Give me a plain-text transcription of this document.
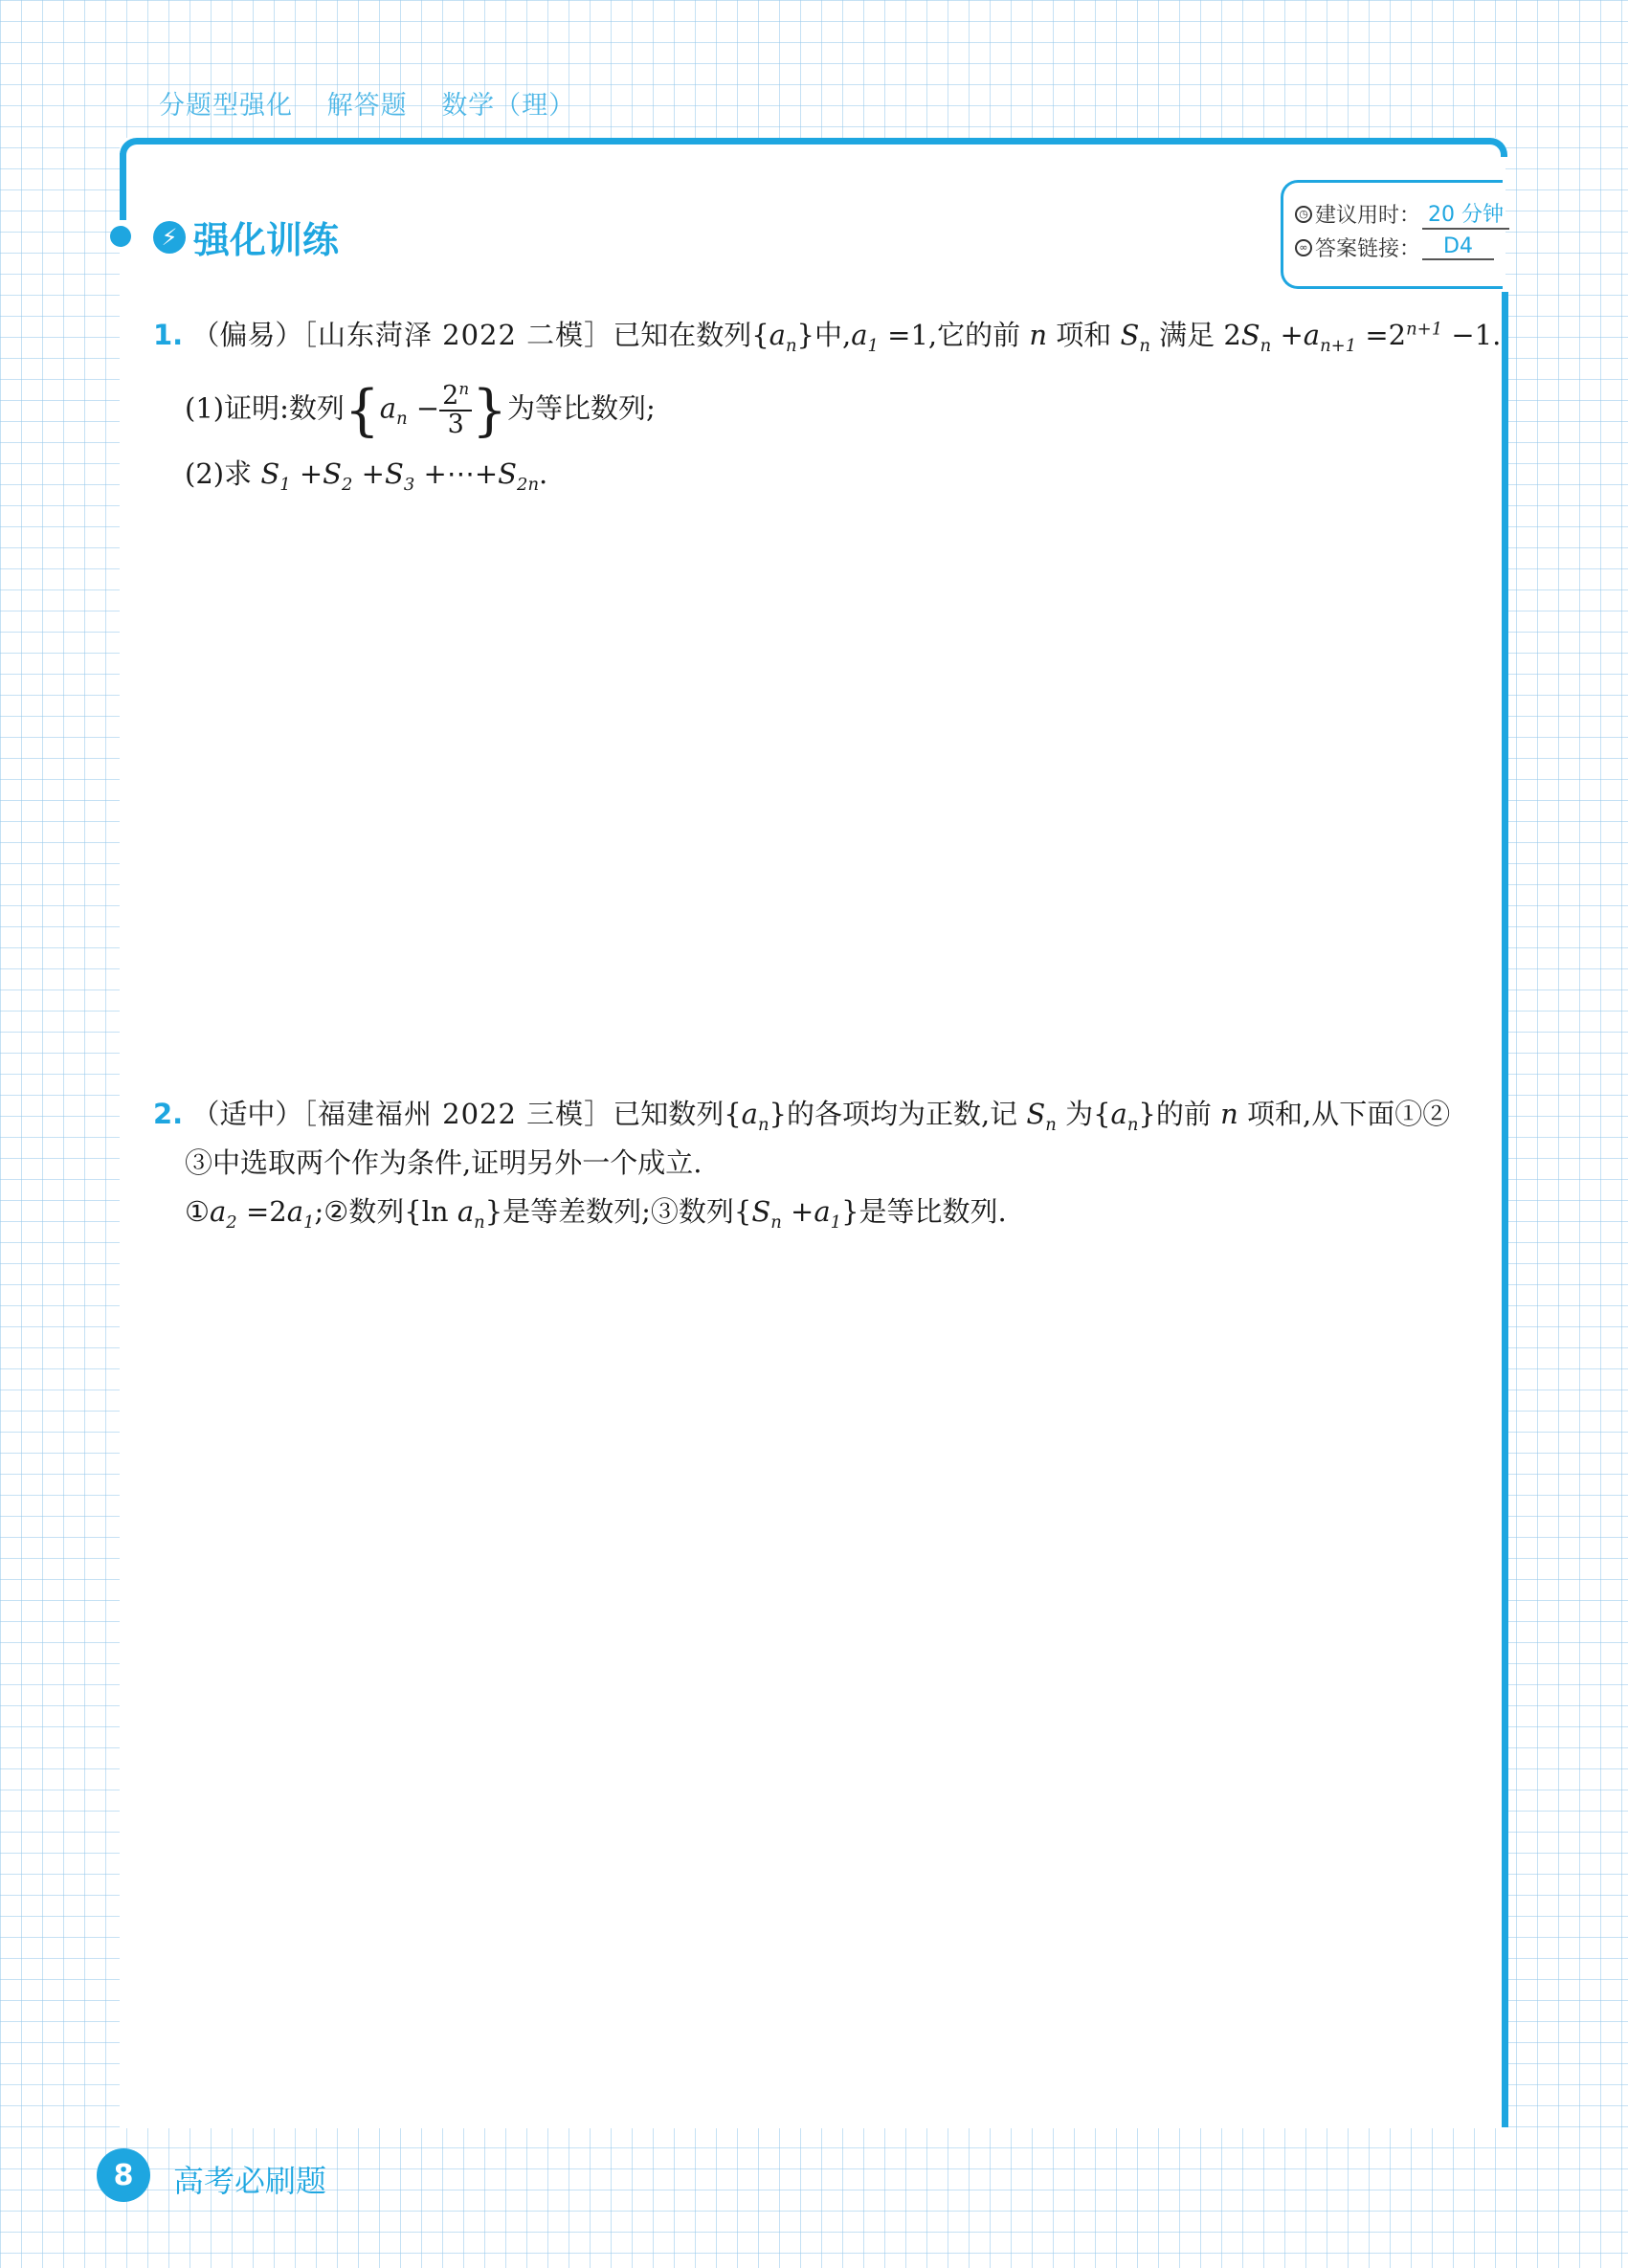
分题型强化 解答题 数学（理）
⚡ 强化训练
◷ 建议用时： 20 分钟
∞ 答案链接：	D4
1. （偏易）［山东菏泽 2022 二模］已知在数列$\{a_n\}$中$,a_1 =1$,它的前 n 项和 $S_n$ 满足 $2S_n +a_{n+1} =2^{n+1} -1$.
(1)证明:数列{$a_n - \frac{2^n}{3}$ }为等比数列;
(2)求 $S_1 +S_2 +S_3$ $+\cdots+S_{2n}$.
2. （适中）［福建福州 2022 三模］已知数列$\{a_n\}$的各项均为正数,记 $S_n$ 为$\{a_n\}$的前 n 项和,从下面①②
③中选取两个作为条件,证明另外一个成立.
$①a_2$ $=2a_1;②$数列{ln $a_n$}是等差数列;③数列$\{S_n +a_1\}$是等比数列.
8	高考必刷题
